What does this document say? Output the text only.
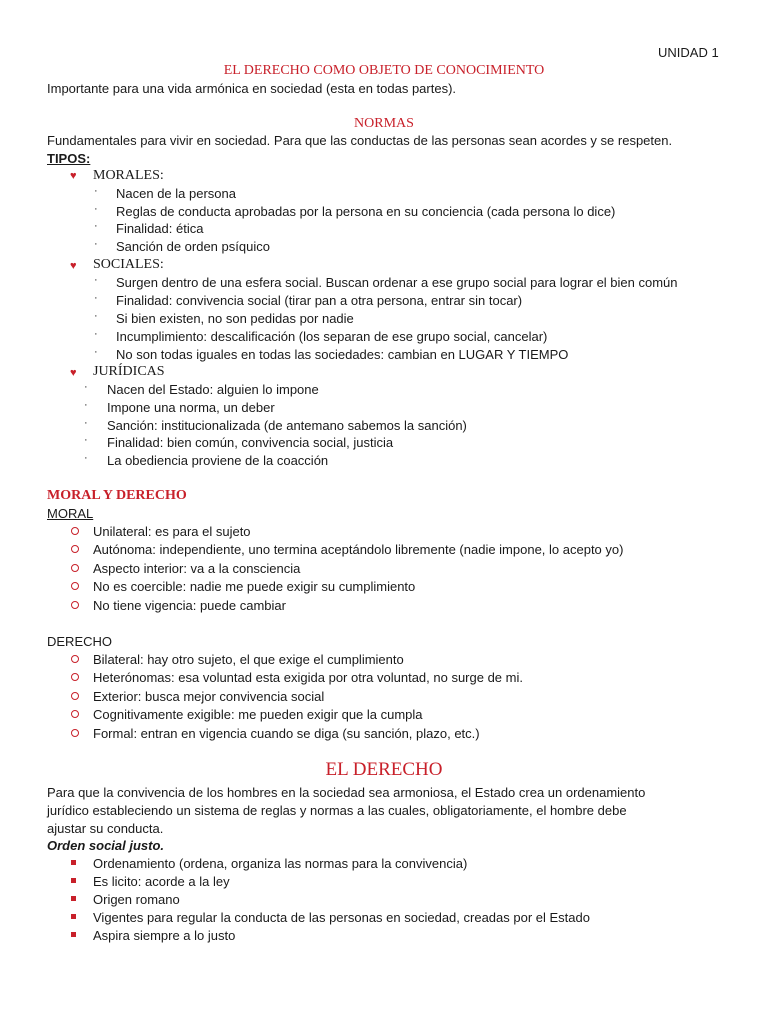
UNIDAD 1
EL DERECHO COMO OBJETO DE CONOCIMIENTO
Importante para una vida armónica en sociedad (esta en todas partes).
NORMAS
Fundamentales para vivir en sociedad. Para que las conductas de las personas sean acordes y se respeten.
TIPOS:
♥ MORALES:
· Nacen de la persona
· Reglas de conducta aprobadas por la persona en su conciencia (cada persona lo dice)
· Finalidad: ética
· Sanción de orden psíquico
♥ SOCIALES:
· Surgen dentro de una esfera social. Buscan ordenar a ese grupo social para lograr el bien común
· Finalidad: convivencia social (tirar pan a otra persona, entrar sin tocar)
· Si bien existen, no son pedidas por nadie
· Incumplimiento: descalificación (los separan de ese grupo social, cancelar)
· No son todas iguales en todas las sociedades: cambian en LUGAR Y TIEMPO
♥ JURÍDICAS
· Nacen del Estado: alguien lo impone
· Impone una norma, un deber
· Sanción: institucionalizada (de antemano sabemos la sanción)
· Finalidad: bien común, convivencia social, justicia
· La obediencia proviene de la coacción
MORAL Y DERECHO
MORAL
Unilateral: es para el sujeto
Autónoma: independiente, uno termina aceptándolo libremente (nadie impone, lo acepto yo)
Aspecto interior: va a la consciencia
No es coercible: nadie me puede exigir su cumplimiento
No tiene vigencia: puede cambiar
DERECHO
Bilateral: hay otro sujeto, el que exige el cumplimiento
Heterónomas: esa voluntad esta exigida por otra voluntad, no surge de mi.
Exterior: busca mejor convivencia social
Cognitivamente exigible: me pueden exigir que la cumpla
Formal: entran en vigencia cuando se diga (su sanción, plazo, etc.)
EL DERECHO
Para que la convivencia de los hombres en la sociedad sea armoniosa, el Estado crea un ordenamiento
jurídico estableciendo un sistema de reglas y normas a las cuales, obligatoriamente, el hombre debe
ajustar su conducta.
Orden social justo.
Ordenamiento (ordena, organiza las normas para la convivencia)
Es licito: acorde a la ley
Origen romano
Vigentes para regular la conducta de las personas en sociedad, creadas por el Estado
Aspira siempre a lo justo
